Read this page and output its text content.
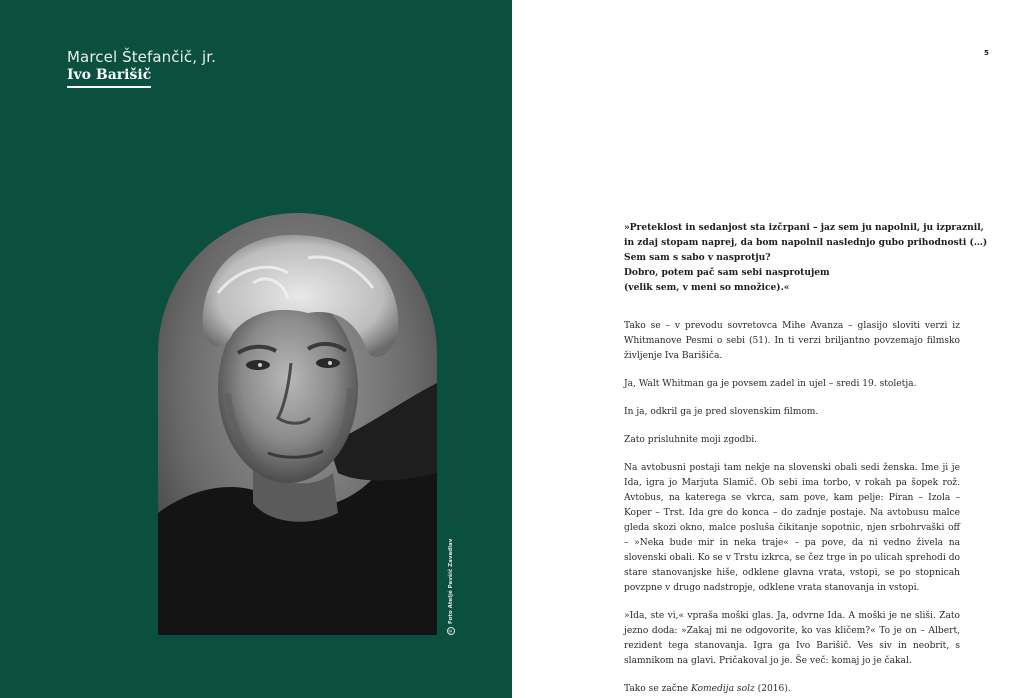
Marcel Štefančič, jr.
Ivo Barišič
©
Foto Ateljé Pavšič Zavadlav
5
»Preteklost in sedanjost sta izčrpani – jaz sem ju napolnil, ju izpraznil,
in zdaj stopam naprej, da bom napolnil naslednjo gubo prihodnosti (…)
Sem sam s sabo v nasprotju?
Dobro, potem pač sam sebi nasprotujem
(velik sem, v meni so množice).«

Tako se – v prevodu sovretovca Mihe Avanza – glasijo sloviti verzi iz Whitmanove Pesmi o sebi (51). In ti verzi briljantno povzemajo filmsko življenje Iva Barišiča.

Ja, Walt Whitman ga je povsem zadel in ujel – sredi 19. stoletja.

In ja, odkril ga je pred slovenskim filmom.

Zato prisluhnite moji zgodbi.

Na avtobusni postaji tam nekje na slovenski obali sedi ženska. Ime ji je Ida, igra jo Marjuta Slamič. Ob sebi ima torbo, v rokah pa šopek rož. Avtobus, na katerega se vkrca, sam pove, kam pelje: Piran – Izola – Koper – Trst. Ida gre do konca – do zadnje postaje. Na avtobusu malce gleda skozi okno, malce posluša čikitanje sopotnic, njen srbohrvaški off – »Neka bude mir in neka traje« – pa pove, da ni vedno živela na slovenski obali. Ko se v Trstu izkrca, se čez trge in po ulicah sprehodi do stare stanovanjske hiše, odklene glavna vrata, vstopi, se po stopnicah povzpne v drugo nadstropje, odklene vrata stanovanja in vstopi.

»Ida, ste vi,« vpraša moški glas. Ja, odvrne Ida. A moški je ne sliši. Zato jezno doda: »Zakaj mi ne odgovorite, ko vas kličem?« To je on – Albert, rezident tega stanovanja. Igra ga Ivo Barišič. Ves siv in neobrit, s slamnikom na glavi. Pričakoval jo je. Še več: komaj jo je čakal.

Tako se začne Komedija solz (2016).
